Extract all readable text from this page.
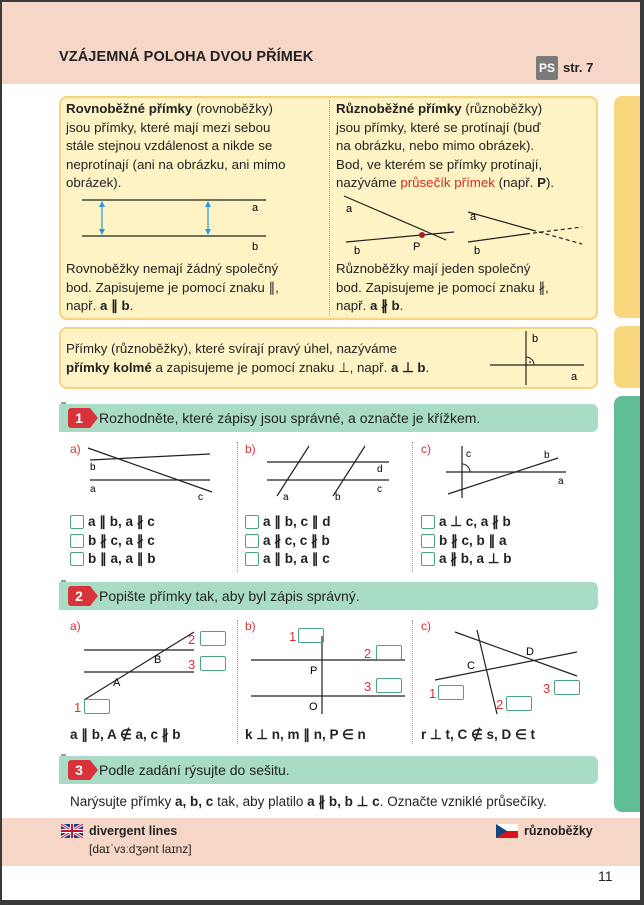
VZÁJEMNÁ POLOHA DVOU PŘÍMEK
PS str. 7
Rovnoběžné přímky (rovnoběžky)
jsou přímky, které mají mezi sebou
stále stejnou vzdálenost a nikde se
neprotínají (ani na obrázku, ani mimo
obrázek).
a
b
Rovnoběžky nemají žádný společný
bod. Zapisujeme je pomocí znaku ∥,
např. a ∥ b.
Různoběžné přímky (různoběžky)
jsou přímky, které se protínají (buď
na obrázku, nebo mimo obrázek).
Bod, ve kterém se přímky protínají,
nazýváme průsečík přímek (např. P).
a
b	P
a
b
Různoběžky mají jeden společný
bod. Zapisujeme je pomocí znaku ∦,
např. a ∦ b.
Přímky (různoběžky), které svírají pravý úhel, nazýváme
přímky kolmé a zapisujeme je pomocí znaku ⊥, např. a ⊥ b.
b
a
1	Rozhodněte, které zápisy jsou správné, a označte je křížkem.
a)	b)	c)
b
a
c
d
c
a	b
c	b
a
a ∥ b, a ∦ c
b ∦ c, a ∦ c
b ∥ a, a ∥ b
a ∥ b, c ∥ d
a ∦ c, c ∦ b
a ∥ b, a ∥ c
a ⊥ c, a ∦ b
b ∦ c, b ∥ a
a ∦ b, a ⊥ b
2	Popište přímky tak, aby byl zápis správný.
a)	b)	c)
B
A
2
3
1
a ∥ b, A ∉ a, c ∦ b
P
O
1
2
3
k ⊥ n, m ∥ n, P ∈ n
C
D
1
2
3
r ⊥ t, C ∉ s, D ∈ t
3	Podle zadání rýsujte do sešitu.
Narýsujte přímky a, b, c tak, aby platilo a ∦ b, b ⊥ c. Označte vzniklé průsečíky.
divergent lines
[daɪˈvɜːdʒənt laɪnz]
různoběžky
11
